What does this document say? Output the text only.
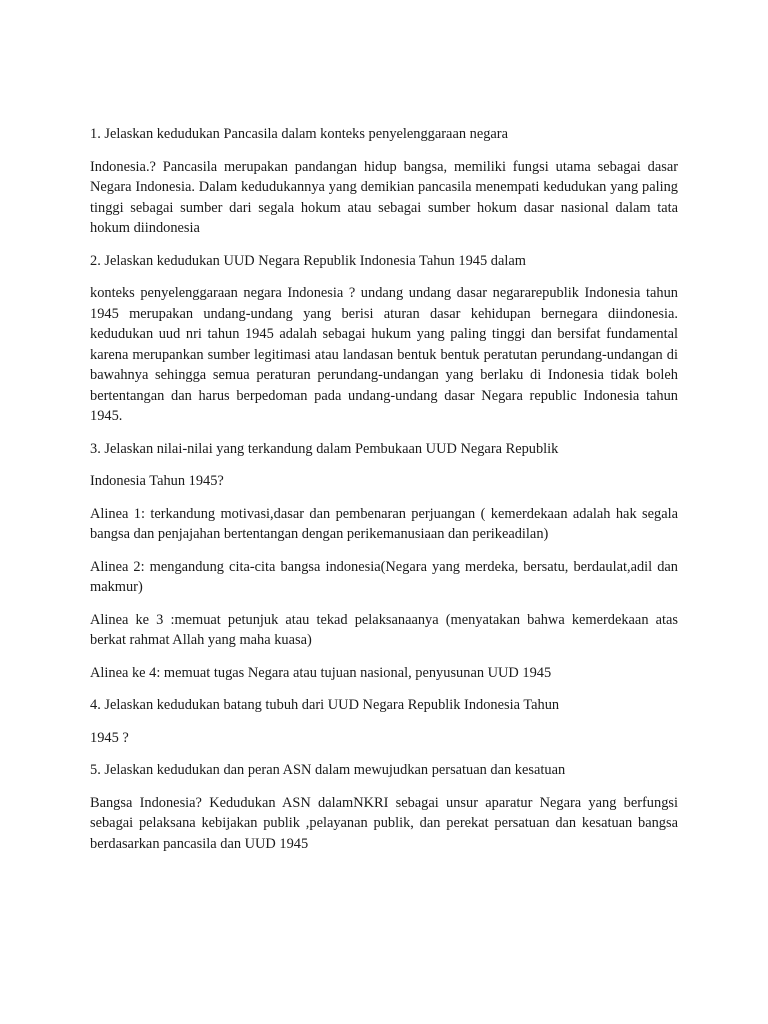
1. Jelaskan kedudukan Pancasila dalam konteks penyelenggaraan negara

Indonesia.? Pancasila merupakan pandangan hidup bangsa, memiliki fungsi utama sebagai dasar Negara Indonesia. Dalam kedudukannya yang demikian pancasila menempati kedudukan yang paling tinggi sebagai sumber dari segala hokum atau sebagai sumber hokum dasar nasional dalam tata hokum diindonesia

2. Jelaskan kedudukan UUD Negara Republik Indonesia Tahun 1945 dalam

konteks penyelenggaraan negara Indonesia ? undang undang dasar negararepublik Indonesia tahun 1945 merupakan undang-undang yang berisi aturan dasar kehidupan bernegara diindonesia. kedudukan uud nri tahun 1945 adalah sebagai hukum yang paling tinggi dan bersifat fundamental karena merupankan sumber legitimasi atau landasan bentuk bentuk peratutan perundang-undangan di bawahnya sehingga semua peraturan perundang-undangan yang berlaku di Indonesia tidak boleh bertentangan dan harus berpedoman pada undang-undang dasar Negara republic Indonesia tahun 1945.

3. Jelaskan nilai-nilai yang terkandung dalam Pembukaan UUD Negara Republik

Indonesia Tahun 1945?

Alinea 1: terkandung motivasi,dasar dan pembenaran perjuangan ( kemerdekaan adalah hak segala bangsa dan penjajahan bertentangan dengan perikemanusiaan dan perikeadilan)

Alinea 2: mengandung cita-cita bangsa indonesia(Negara yang merdeka, bersatu, berdaulat,adil dan makmur)

Alinea ke 3 :memuat petunjuk atau tekad pelaksanaanya (menyatakan bahwa kemerdekaan atas berkat rahmat Allah yang maha kuasa)

Alinea ke 4: memuat tugas Negara atau tujuan nasional, penyusunan UUD 1945

4. Jelaskan kedudukan batang tubuh dari UUD Negara Republik Indonesia Tahun

1945 ?

5. Jelaskan kedudukan dan peran ASN dalam mewujudkan persatuan dan kesatuan

Bangsa Indonesia? Kedudukan ASN dalamNKRI sebagai unsur aparatur Negara yang berfungsi sebagai pelaksana kebijakan publik ,pelayanan publik, dan perekat persatuan dan kesatuan bangsa berdasarkan pancasila dan UUD 1945
